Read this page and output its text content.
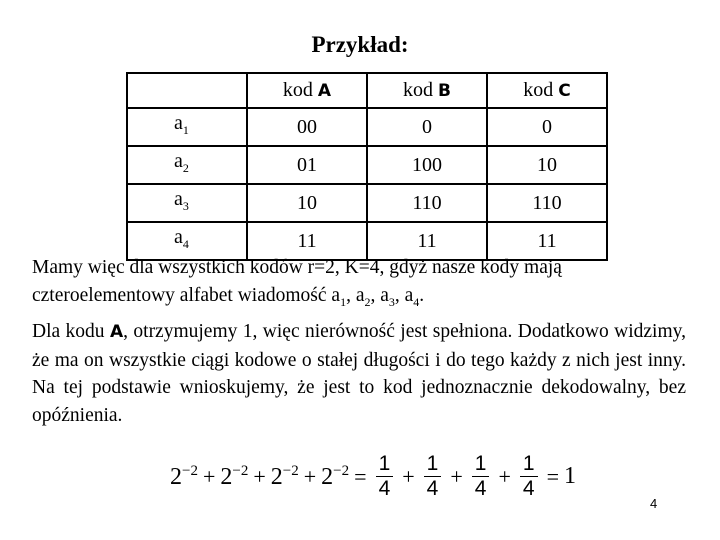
Przykład:
	kod A	kod B	kod C
$a_1$	00	0	0
$a_2$	01	100	10
$a_3$	10	110	110
$a_4$	11	11	11
Mamy więc dla wszystkich kodów r=2, K=4, gdyż nasze kody mają czteroelementowy alfabet wiadomość $a_1$, $a_2$, $a_3$, $a_4$.
Dla kodu A, otrzymujemy 1, więc nierówność jest spełniona. Dodatkowo widzimy, że ma on wszystkie ciągi kodowe o stałej długości i do tego każdy z nich jest inny. Na tej podstawie wnioskujemy, że jest to kod jednoznacznie dekodowalny, bez opóźnienia.
$2^{-2} + 2^{-2} + 2^{-2} + 2^{-2} = \frac{1}{4} + \frac{1}{4} + \frac{1}{4} + \frac{1}{4} = 1$
4
